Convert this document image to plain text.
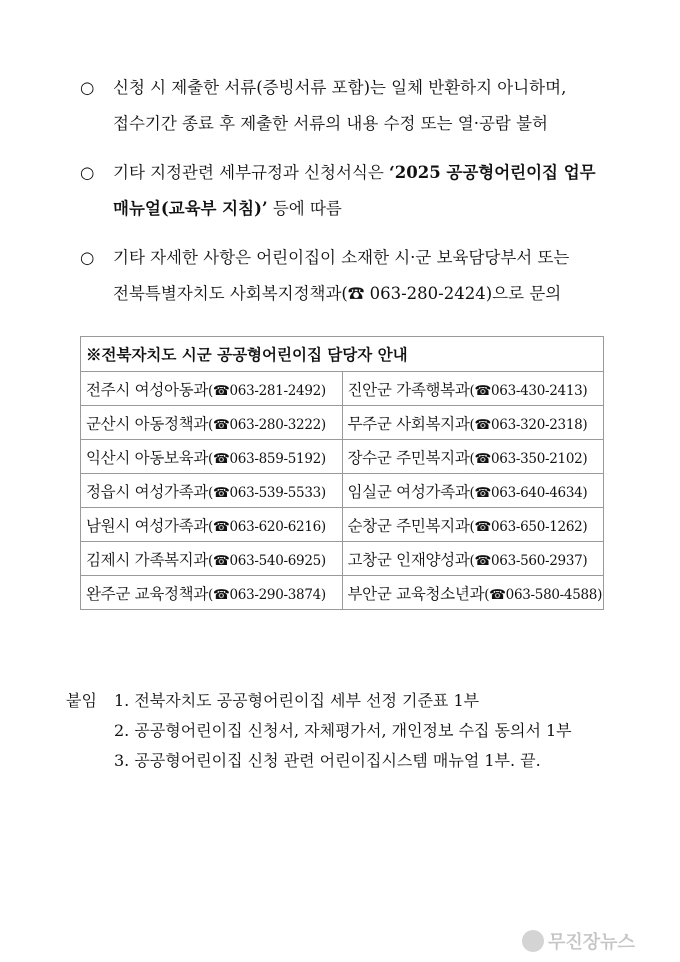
○	신청 시 제출한 서류(증빙서류 포함)는 일체 반환하지 아니하며,
접수기간 종료 후 제출한 서류의 내용 수정 또는 열·공람 불허
○	기타 지정관련 세부규정과 신청서식은 ‘2025 공공형어린이집 업무
매뉴얼(교육부 지침)’ 등에 따름
○	기타 자세한 사항은 어린이집이 소재한 시·군 보육담당부서 또는
전북특별자치도 사회복지정책과(☎ 063-280-2424)으로 문의
※전북자치도 시군 공공형어린이집 담당자 안내	
전주시 여성아동과(☎063-281-2492)	진안군 가족행복과(☎063-430-2413)
군산시 아동정책과(☎063-280-3222)	무주군 사회복지과(☎063-320-2318)
익산시 아동보육과(☎063-859-5192)	장수군 주민복지과(☎063-350-2102)
정읍시 여성가족과(☎063-539-5533)	임실군 여성가족과(☎063-640-4634)
남원시 여성가족과(☎063-620-6216)	순창군 주민복지과(☎063-650-1262)
김제시 가족복지과(☎063-540-6925)	고창군 인재양성과(☎063-560-2937)
완주군 교육정책과(☎063-290-3874)	부안군 교육청소년과(☎063-580-4588)
붙임 1. 전북자치도 공공형어린이집 세부 선정 기준표 1부
2. 공공형어린이집 신청서, 자체평가서, 개인정보 수집 동의서 1부
3. 공공형어린이집 신청 관련 어린이집시스템 매뉴얼 1부. 끝.
무진장뉴스
